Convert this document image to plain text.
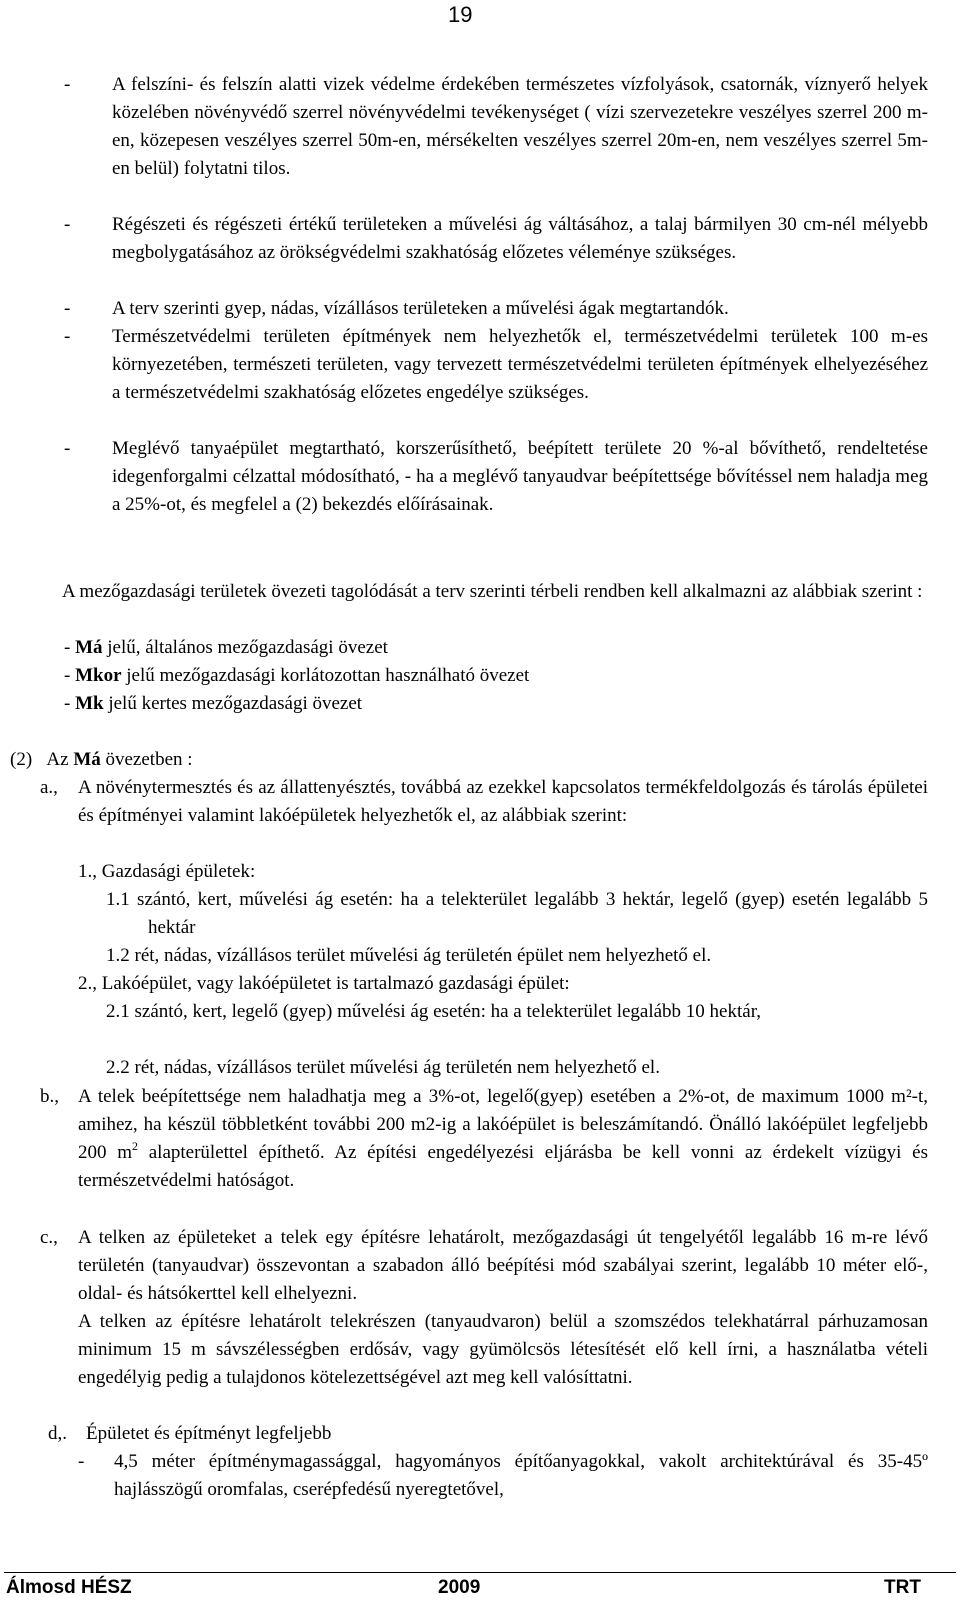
19
- A felszíni- és felszín alatti vizek védelme érdekében természetes vízfolyások, csatornák, víznyerő helyek közelében növényvédő szerrel növényvédelmi tevékenységet ( vízi szervezetekre veszélyes szerrel 200 m-en, közepesen veszélyes szerrel 50m-en, mérsékelten veszélyes szerrel 20m-en, nem veszélyes szerrel 5m-en belül) folytatni tilos.
- Régészeti és régészeti értékű területeken a művelési ág váltásához, a talaj bármilyen 30 cm-nél mélyebb megbolygatásához az örökségvédelmi szakhatóság előzetes véleménye szükséges.
- A terv szerinti gyep, nádas, vízállásos területeken a művelési ágak megtartandók.
- Természetvédelmi területen építmények nem helyezhetők el, természetvédelmi területek 100 m-es környezetében, természeti területen, vagy tervezett természetvédelmi területen építmények elhelyezéséhez a természetvédelmi szakhatóság előzetes engedélye szükséges.
- Meglévő tanyaépület megtartható, korszerűsíthető, beépített területe 20 %-al bővíthető, rendeltetése idegenforgalmi célzattal módosítható, - ha a meglévő tanyaudvar beépítettsége bővítéssel nem haladja meg a 25%-ot, és megfelel a (2) bekezdés előírásainak.
A mezőgazdasági területek övezeti tagolódását a terv szerinti térbeli rendben kell alkalmazni az alábbiak szerint :
- Má jelű, általános mezőgazdasági övezet
- Mkor jelű mezőgazdasági korlátozottan használható övezet
- Mk jelű kertes mezőgazdasági övezet
(2) Az Má övezetben :
a., A növénytermesztés és az állattenyésztés, továbbá az ezekkel kapcsolatos termékfeldolgozás és tárolás épületei és építményei valamint lakóépületek helyezhetők el, az alábbiak szerint:
1., Gazdasági épületek:
1.1 szántó, kert, művelési ág esetén: ha a telekterület legalább 3 hektár, legelő (gyep) esetén legalább 5 hektár
1.2 rét, nádas, vízállásos terület művelési ág területén épület nem helyezhető el.
2., Lakóépület, vagy lakóépületet is tartalmazó gazdasági épület:
2.1 szántó, kert, legelő (gyep) művelési ág esetén: ha a telekterület legalább 10 hektár,
2.2 rét, nádas, vízállásos terület művelési ág területén nem helyezhető el.
b., A telek beépítettsége nem haladhatja meg a 3%-ot, legelő(gyep) esetében a 2%-ot, de maximum 1000 m²-t, amihez, ha készül többletként további 200 m2-ig a lakóépület is beleszámítandó. Önálló lakóépület legfeljebb 200 $m^2$ alapterülettel építhető. Az építési engedélyezési eljárásba be kell vonni az érdekelt vízügyi és természetvédelmi hatóságot.
c., A telken az épületeket a telek egy építésre lehatárolt, mezőgazdasági út tengelyétől legalább 16 m-re lévő területén (tanyaudvar) összevontan a szabadon álló beépítési mód szabályai szerint, legalább 10 méter elő-, oldal- és hátsókerttel kell elhelyezni.
A telken az építésre lehatárolt telekrészen (tanyaudvaron) belül a szomszédos telekhatárral párhuzamosan minimum 15 m sávszélességben erdősáv, vagy gyümölcsös létesítését elő kell írni, a használatba vételi engedélyig pedig a tulajdonos kötelezettségével azt meg kell valósíttatni.
d,. Épületet és építményt legfeljebb
- 4,5 méter építménymagassággal, hagyományos építőanyagokkal, vakolt architektúrával és 35-45º hajlásszögű oromfalas, cserépfedésű nyeregtetővel,
Álmosd HÉSZ	2009	TRT
